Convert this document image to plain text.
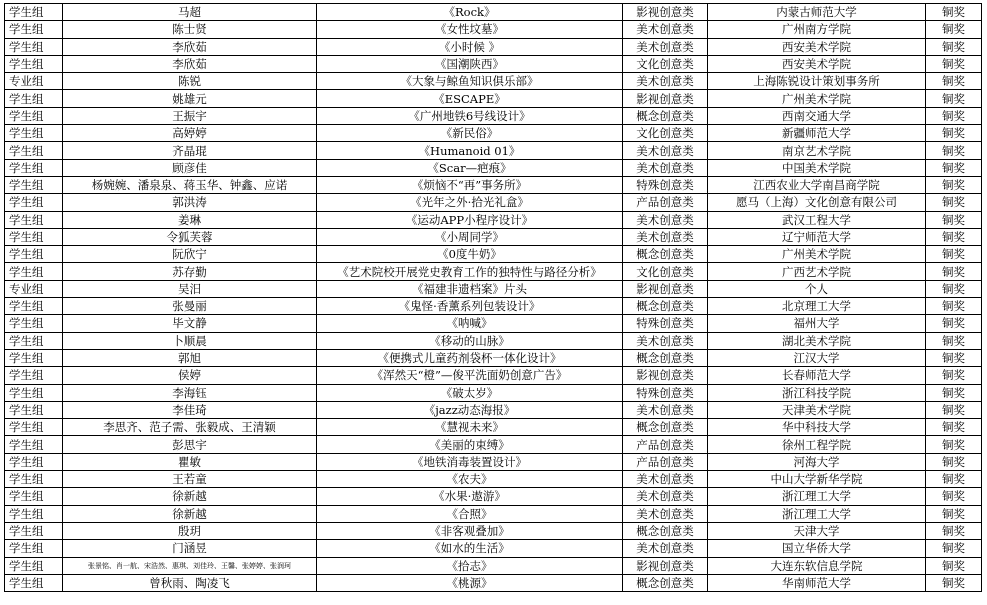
学生组	马超	《Rock》	影视创意类	内蒙古师范大学	铜奖
学生组	陈士贤	《女性坟墓》	美术创意类	广州南方学院	铜奖
学生组	李欣茹	《小时候 》	美术创意类	西安美术学院	铜奖
学生组	李欣茹	《国潮陕西》	文化创意类	西安美术学院	铜奖
专业组	陈锐	《大象与鲸鱼知识俱乐部》	美术创意类	上海陈锐设计策划事务所	铜奖
学生组	姚雄元	《ESCAPE》	影视创意类	广州美术学院	铜奖
学生组	王振宇	《广州地铁6号线设计》	概念创意类	西南交通大学	铜奖
学生组	高婷婷	《新民俗》	文化创意类	新疆师范大学	铜奖
学生组	齐晶琨	《Humanoid 01》	美术创意类	南京艺术学院	铜奖
学生组	顾彦佳	《Scar—疤痕》	美术创意类	中国美术学院	铜奖
学生组	杨婉婉、潘泉泉、蒋玉华、钟鑫、应诺	《烦恼不“再”事务所》	特殊创意类	江西农业大学南昌商学院	铜奖
学生组	郭洪涛	《光年之外·拾光礼盒》	产品创意类	愿马（上海）文化创意有限公司	铜奖
学生组	姜琳	《运动APP小程序设计》	美术创意类	武汉工程大学	铜奖
学生组	令狐芙蓉	《小周同学》	美术创意类	辽宁师范大学	铜奖
学生组	阮欣宁	《0度牛奶》	概念创意类	广州美术学院	铜奖
学生组	苏存勤	《艺术院校开展党史教育工作的独特性与路径分析》	文化创意类	广西艺术学院	铜奖
专业组	吴汨	《福建非遗档案》片头	影视创意类	个人	铜奖
学生组	张曼丽	《鬼怪·香薰系列包装设计》	概念创意类	北京理工大学	铜奖
学生组	毕文静	《呐喊》	特殊创意类	福州大学	铜奖
学生组	卜顺晨	《移动的山脉》	美术创意类	湖北美术学院	铜奖
学生组	郭旭	《便携式儿童药剂袋杯一体化设计》	概念创意类	江汉大学	铜奖
学生组	侯婷	《浑然天“橙”—俊平洗面奶创意广告》	影视创意类	长春师范大学	铜奖
学生组	李海钰	《破太岁》	特殊创意类	浙江科技学院	铜奖
学生组	李佳琦	《jazz动态海报》	美术创意类	天津美术学院	铜奖
学生组	李思齐、范子需、张毅成、王清颖	《慧视未来》	概念创意类	华中科技大学	铜奖
学生组	彭思宇	《美丽的束缚》	产品创意类	徐州工程学院	铜奖
学生组	瞿敏	《地铁消毒装置设计》	产品创意类	河海大学	铜奖
学生组	王若童	《农夫》	美术创意类	中山大学新华学院	铜奖
学生组	徐新越	《水果·遨游》	美术创意类	浙江理工大学	铜奖
学生组	徐新越	《合照》	美术创意类	浙江理工大学	铜奖
学生组	殷玥	《非客观叠加》	概念创意类	天津大学	铜奖
学生组	门涵昱	《如水的生活》	美术创意类	国立华侨大学	铜奖
学生组	张景铭、肖一航、宋浩然、惠琪、刘佳玲、王馨、张婷婷、张润珂	《拾志》	影视创意类	大连东软信息学院	铜奖
学生组	曾秋雨、陶凌飞	《桃源》	概念创意类	华南师范大学	铜奖
